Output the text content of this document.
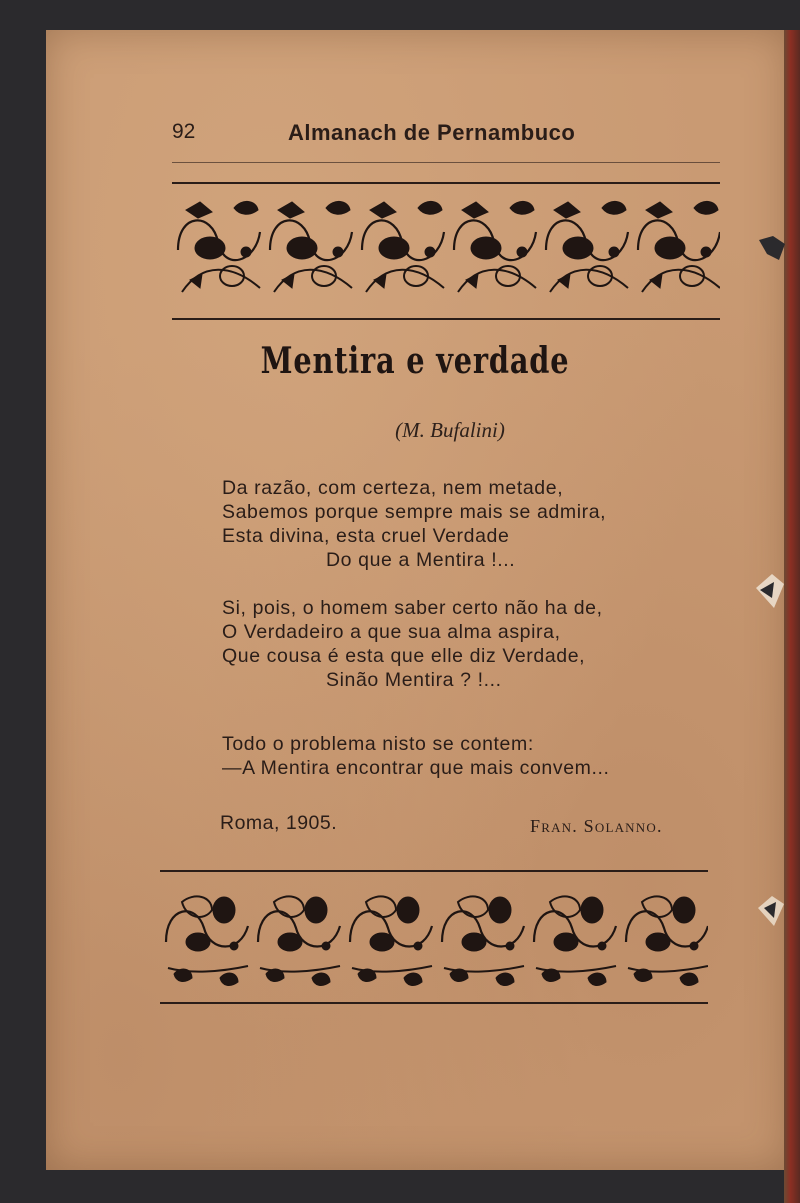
92	Almanach de Pernambuco
Mentira e verdade
(M. Bufalini)
Da razão, com certeza, nem metade,
Sabemos porque sempre mais se admira,
Esta divina, esta cruel Verdade
Do que a Mentira !...
Si, pois, o homem saber certo não ha de,
O Verdadeiro a que sua alma aspira,
Que cousa é esta que elle diz Verdade,
Sinão Mentira ? !...
Todo o problema nisto se contem:
—A Mentira encontrar que mais convem...
Roma, 1905.	Fran. Solanno.
